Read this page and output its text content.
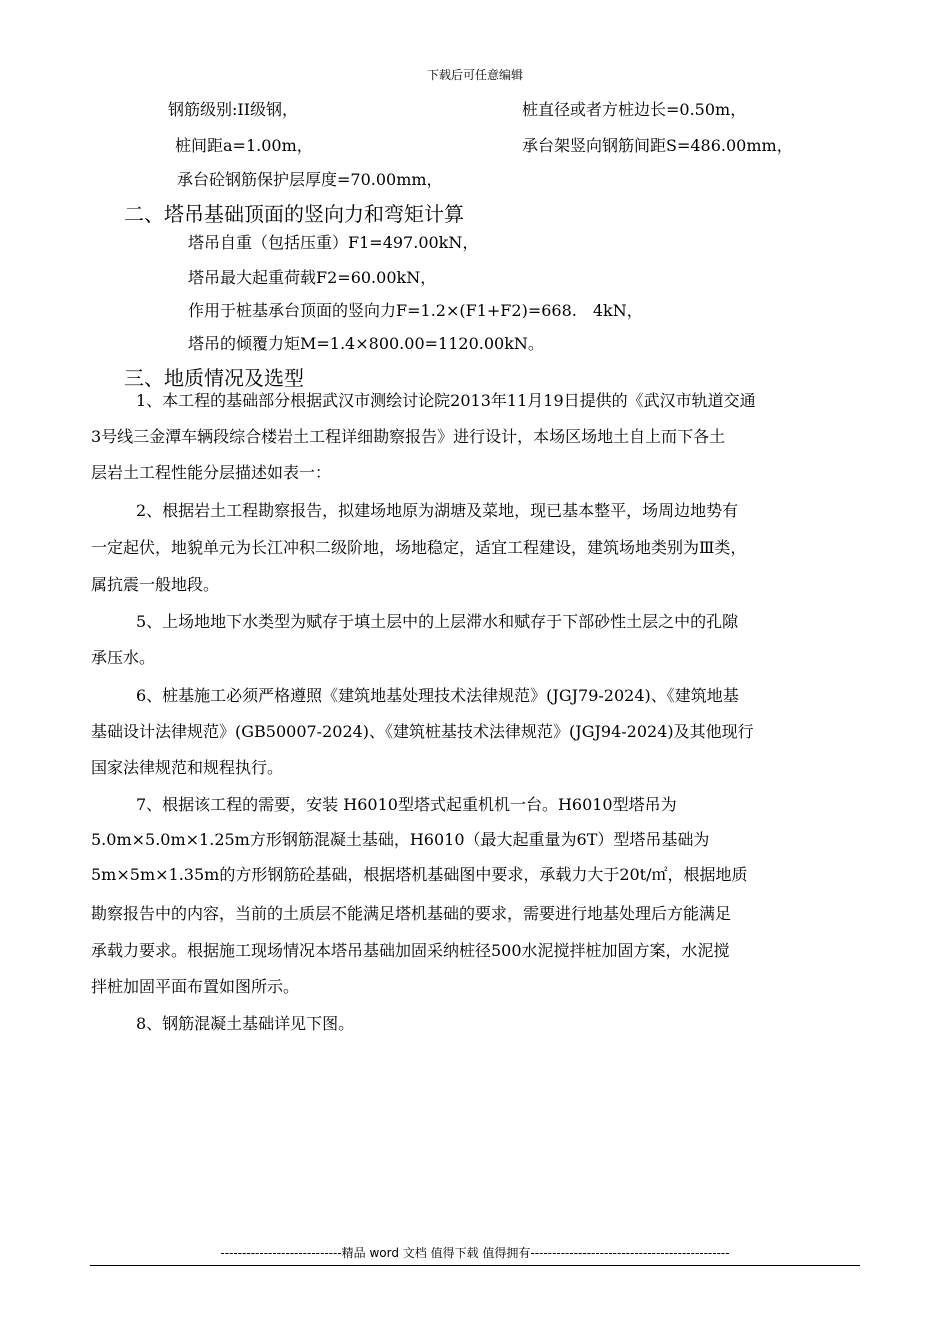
下载后可任意编辑
钢筋级别:II级钢，	桩直径或者方桩边长=0.50m，
桩间距a=1.00m，	承台架竖向钢筋间距S=486.00mm，
承台砼钢筋保护层厚度=70.00mm，
二、塔吊基础顶面的竖向力和弯矩计算
塔吊自重（包括压重）F1=497.00kN，
塔吊最大起重荷载F2=60.00kN，
作用于桩基承台顶面的竖向力F=1.2×(F1+F2)=668.　4kN，
塔吊的倾覆力矩M=1.4×800.00=1120.00kN。
三、地质情况及选型
1、本工程的基础部分根据武汉市测绘讨论院2013年11月19日提供的《武汉市轨道交通
3号线三金潭车辆段综合楼岩土工程详细勘察报告》进行设计，本场区场地土自上而下各土
层岩土工程性能分层描述如表一：
2、根据岩土工程勘察报告，拟建场地原为湖塘及菜地，现已基本整平，场周边地势有
一定起伏，地貌单元为长江冲积二级阶地，场地稳定，适宜工程建设，建筑场地类别为Ⅲ类，
属抗震一般地段。
5、上场地地下水类型为赋存于填土层中的上层滞水和赋存于下部砂性土层之中的孔隙
承压水。
6、桩基施工必须严格遵照《建筑地基处理技术法律规范》(JGJ79-2024)、《建筑地基
基础设计法律规范》(GB50007-2024)、《建筑桩基技术法律规范》(JGJ94-2024)及其他现行
国家法律规范和规程执行。
7、根据该工程的需要，安装 H6010型塔式起重机机一台。H6010型塔吊为
5.0m×5.0m×1.25m方形钢筋混凝土基础，H6010（最大起重量为6T）型塔吊基础为
5m×5m×1.35m的方形钢筋砼基础，根据塔机基础图中要求，承载力大于20t/㎡，根据地质
勘察报告中的内容，当前的土质层不能满足塔机基础的要求，需要进行地基处理后方能满足
承载力要求。根据施工现场情况本塔吊基础加固采纳桩径500水泥搅拌桩加固方案，水泥搅
拌桩加固平面布置如图所示。
8、钢筋混凝土基础详见下图。
----------------------------精品 word 文档 值得下载 值得拥有----------------------------------------------
